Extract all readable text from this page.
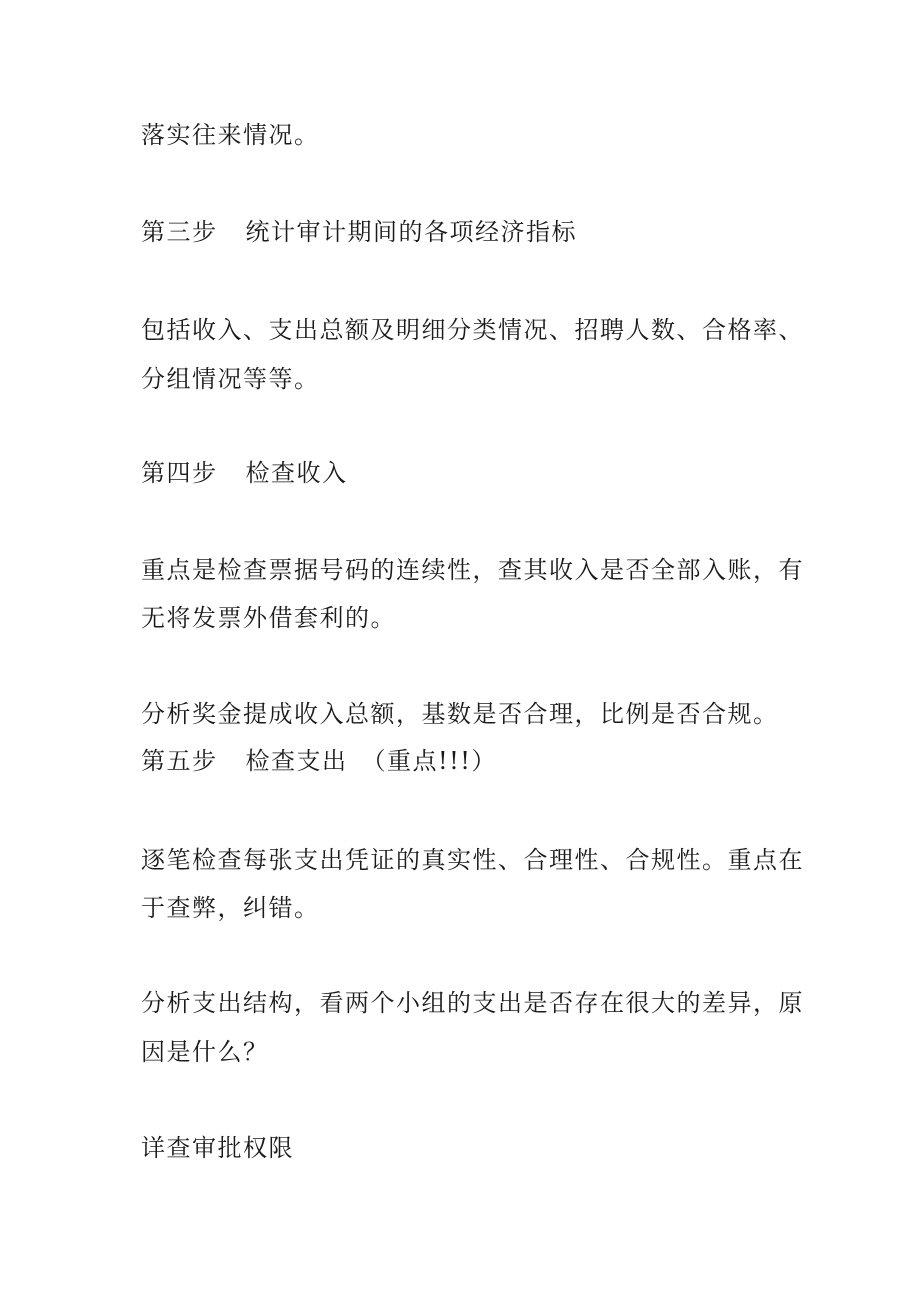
落实往来情况。
第三步 统计审计期间的各项经济指标
包括收入、支出总额及明细分类情况、招聘人数、合格率、
分组情况等等。
第四步 检查收入
重点是检查票据号码的连续性，查其收入是否全部入账，有
无将发票外借套利的。
分析奖金提成收入总额，基数是否合理，比例是否合规。
第五步 检查支出 （重点!!!）
逐笔检查每张支出凭证的真实性、合理性、合规性。重点在
于查弊，纠错。
分析支出结构，看两个小组的支出是否存在很大的差异，原
因是什么？
详查审批权限
